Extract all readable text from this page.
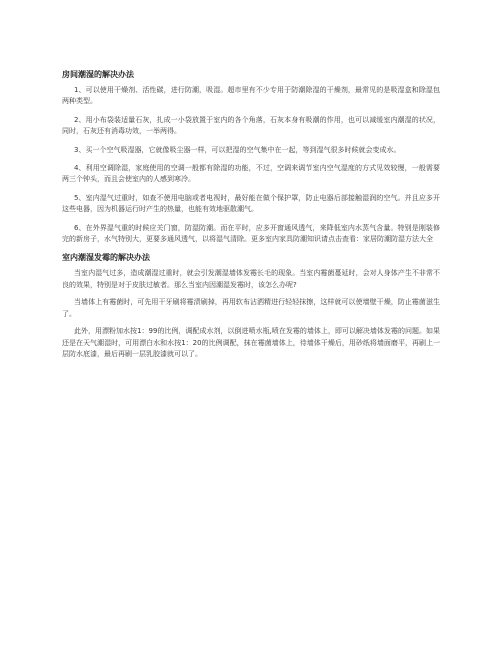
房间潮湿的解决办法

1、可以使用干燥剂、活性碳，进行防潮，吸湿。超市里有不少专用于防潮除湿的干燥剂，最常见的是吸湿盒和除湿包两种类型。

2、用小布袋装适量石灰，扎成一小袋放置于室内的各个角落，石灰本身有吸潮的作用，也可以减缓室内潮湿的状况，同时，石灰还有消毒功效，一举两得。

3、买一个空气吸湿器，它就像吸尘器一样，可以把湿的空气集中在一起，等到湿气很多时候就会变成水。

4、利用空调除湿，家庭使用的空调一般都有除湿的功能，不过，空调来调节室内空气湿度的方式见效较慢，一般需要两三个钟头，而且会使室内的人感到寒冷。

5、室内湿气过重时，如查不使用电脑或者电视时，最好能在做个保护罩，防止电器后部接触湿润的空气。并且应多开这些电器，因为机器运行时产生的热量，也能有效地驱散潮气。

6、在外界湿气重的时候应关门窗，防湿防潮。而在平时，应多开窗通风透气，来降低室内水蒸气含量。特别是刚装修完的新房子，水气特别大，更要多通风透气，以将湿气清除。更多室内家具防潮知识请点击查看：家居防潮防湿方法大全

室内潮湿发霉的解决办法

当室内湿气过多，造成潮湿过重时，就会引发潮湿墙体发霉长毛的现象。当室内霉菌蔓延时，会对人身体产生不非常不良的效果，特别是对于皮肤过敏者。那么当室内因潮湿发霉时，该怎么办呢?

当墙体上有霉菌时，可先用干牙刷将霉渍刷掉，再用软布沾洒精进行轻轻抹擦，这样就可以使墙壁干燥，防止霉菌滋生了。

此外，用漂粉加水按1：99的比例，调配成水剂，以倒进喷水瓶,喷在发霉的墙体上，即可以解决墙体发霉的问题。如果还是在天气潮湿时，可用漂白水和水按1：20的比例调配，抹在霉菌墙体上，待墙体干燥后，用砂纸将墙面磨平，再刷上一层防水底漆，最后再刷一层乳胶漆就可以了。
